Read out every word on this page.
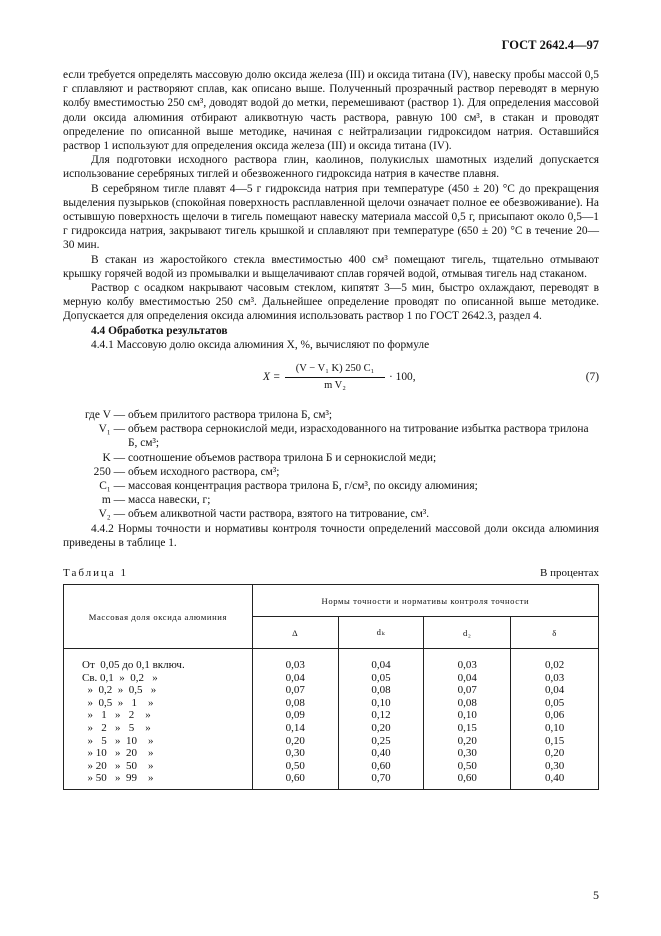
ГОСТ 2642.4—97

если требуется определять массовую долю оксида железа (III) и оксида титана (IV), навеску пробы массой 0,5 г сплавляют и растворяют сплав, как описано выше. Полученный прозрачный раствор переводят в мерную колбу вместимостью 250 см³, доводят водой до метки, перемешивают (раствор 1). Для определения массовой доли оксида алюминия отбирают аликвотную часть раствора, равную 100 см³, в стакан и проводят определение по описанной выше методике, начиная с нейтрализации гидроксидом натрия. Оставшийся раствор 1 используют для определения оксида железа (III) и оксида титана (IV).

Для подготовки исходного раствора глин, каолинов, полукислых шамотных изделий допускается использование серебряных тиглей и обезвоженного гидроксида натрия в качестве плавня.

В серебряном тигле плавят 4—5 г гидроксида натрия при температуре (450 ± 20) °С до прекращения выделения пузырьков (спокойная поверхность расплавленной щелочи означает полное ее обезвоживание). На остывшую поверхность щелочи в тигель помещают навеску материала массой 0,5 г, присыпают около 0,5—1 г гидроксида натрия, закрывают тигель крышкой и сплавляют при температуре (650 ± 20) °С в течение 20—30 мин.

В стакан из жаростойкого стекла вместимостью 400 см³ помещают тигель, тщательно отмывают крышку горячей водой из промывалки и выщелачивают сплав горячей водой, отмывая тигель над стаканом.

Раствор с осадком накрывают часовым стеклом, кипятят 3—5 мин, быстро охлаждают, переводят в мерную колбу вместимостью 250 см³. Дальнейшее определение проводят по описанной выше методике. Допускается для определения оксида алюминия использовать раствор 1 по ГОСТ 2642.3, раздел 4.

4.4 Обработка результатов

4.4.1 Массовую долю оксида алюминия X, %, вычисляют по формуле

$X = \frac{\text{(V − V₁ K) 250 C₁}}{\text{m V₂}} \cdot 100$,	(7)
где V — объем прилитого раствора трилона Б, см³;
V₁ — объем раствора сернокислой меди, израсходованного на титрование избытка раствора трилона Б, см³;
K — соотношение объемов раствора трилона Б и сернокислой меди;
250 — объем исходного раствора, см³;
C₁ — массовая концентрация раствора трилона Б, г/см³, по оксиду алюминия;
m — масса навески, г;
V₂ — объем аликвотной части раствора, взятого на титрование, см³.

4.4.2 Нормы точности и нормативы контроля точности определений массовой доли оксида алюминия приведены в таблице 1.

Таблица 1	В процентах
Массовая доля оксида алюминия	Нормы точности и нормативы контроля точности			
	Δ	dₖ	d₂	δ
От  0,05 до 0,1 включ.	0,03	0,04	0,03	0,02
Св. 0,1  »  0,2   »	0,04	0,05	0,04	0,03
»  0,2  »  0,5   »	0,07	0,08	0,07	0,04
»  0,5  »   1    »	0,08	0,10	0,08	0,05
»   1   »   2    »	0,09	0,12	0,10	0,06
»   2   »   5    »	0,14	0,20	0,15	0,10
»   5   »  10    »	0,20	0,25	0,20	0,15
» 10   »  20    »	0,30	0,40	0,30	0,20
» 20   »  50    »	0,50	0,60	0,50	0,30
» 50   »  99    »	0,60	0,70	0,60	0,40
5
